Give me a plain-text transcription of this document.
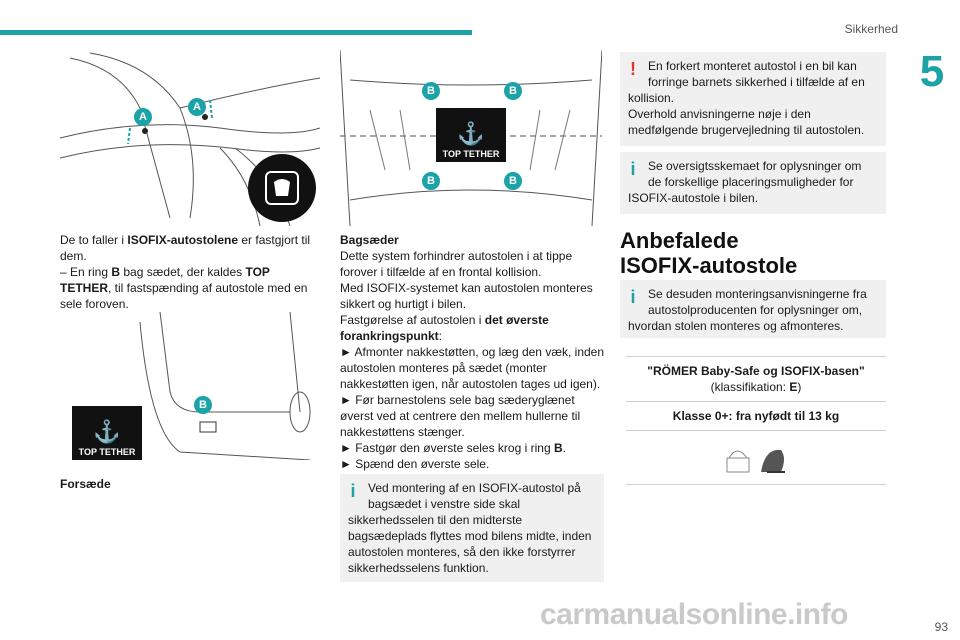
Sikkerhed
5
A
A

De to faller i ISOFIX-autostolene er fastgjort til dem.

– En ring B bag sædet, der kaldes TOP TETHER, til fastspænding af autostole med en sele foroven.

B
⚓
TOP TETHER
Forsæde
B	B
B	B
⚓
TOP TETHER

Bagsæder

Dette system forhindrer autostolen i at tippe forover i tilfælde af en frontal kollision.

Med ISOFIX-systemet kan autostolen monteres sikkert og hurtigt i bilen.

Fastgørelse af autostolen i det øverste forankringspunkt:

► Afmonter nakkestøtten, og læg den væk, inden autostolen monteres på sædet (monter nakkestøtten igen, når autostolen tages ud igen).

► Før barnestolens sele bag sæderyglænet øverst ved at centrere den mellem hullerne til nakkestøttens stænger.

► Fastgør den øverste seles krog i ring B.

► Spænd den øverste sele.

i Ved montering af en ISOFIX-autostol på

bagsædet i venstre side skal

sikkerhedsselen til den midterste bagsædeplads flyttes mod bilens midte, inden autostolen monteres, så den ikke forstyrrer sikkerhedsselens funktion.

! En forkert monteret autostol i en bil kan

forringe barnets sikkerhed i tilfælde af en

kollision.
Overhold anvisningerne nøje i den medfølgende brugervejledning til autostolen.

i Se oversigtsskemaet for oplysninger om

de forskellige placeringsmuligheder for

ISOFIX-autostole i bilen.

Anbefalede
ISOFIX-autostole
i Se desuden monteringsanvisningerne fra

autostolproducenten for oplysninger om,

hvordan stolen monteres og afmonteres.

"RÖMER Baby-Safe og ISOFIX-basen"
(klassifikation: E)
Klasse 0+: fra nyfødt til 13 kg
carmanualsonline.info	93
